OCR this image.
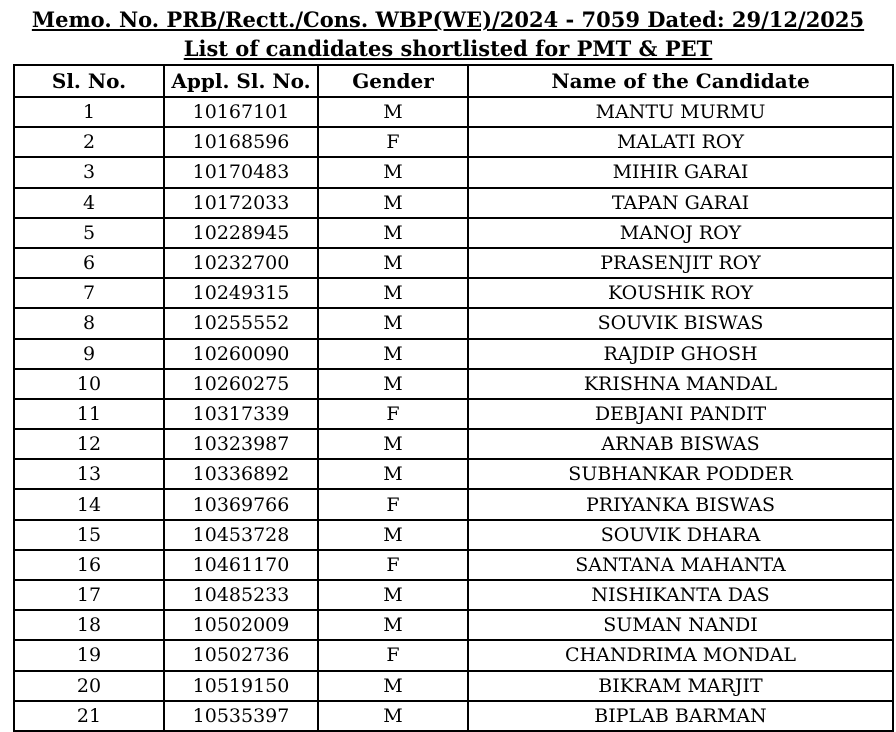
Memo. No. PRB/Rectt./Cons. WBP(WE)/2024 - 7059 Dated: 29/12/2025
List of candidates shortlisted for PMT & PET
Sl. No.	Appl. Sl. No.	Gender	Name of the Candidate
1	10167101	M	MANTU MURMU
2	10168596	F	MALATI ROY
3	10170483	M	MIHIR GARAI
4	10172033	M	TAPAN GARAI
5	10228945	M	MANOJ ROY
6	10232700	M	PRASENJIT ROY
7	10249315	M	KOUSHIK ROY
8	10255552	M	SOUVIK BISWAS
9	10260090	M	RAJDIP GHOSH
10	10260275	M	KRISHNA MANDAL
11	10317339	F	DEBJANI PANDIT
12	10323987	M	ARNAB BISWAS
13	10336892	M	SUBHANKAR PODDER
14	10369766	F	PRIYANKA BISWAS
15	10453728	M	SOUVIK DHARA
16	10461170	F	SANTANA MAHANTA
17	10485233	M	NISHIKANTA DAS
18	10502009	M	SUMAN NANDI
19	10502736	F	CHANDRIMA MONDAL
20	10519150	M	BIKRAM MARJIT
21	10535397	M	BIPLAB BARMAN
